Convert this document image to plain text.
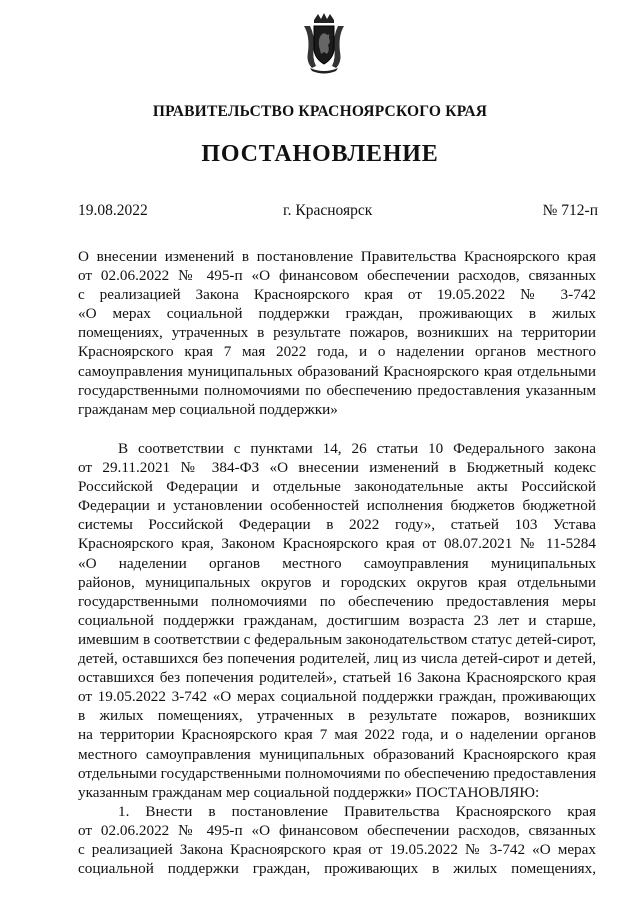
ПРАВИТЕЛЬСТВО КРАСНОЯРСКОГО КРАЯ
ПОСТАНОВЛЕНИЕ
19.08.2022	г. Красноярск	№ 712-п
О внесении изменений в постановление Правительства Красноярского края
от 02.06.2022 № 495-п «О финансовом обеспечении расходов, связанных
с реализацией Закона Красноярского края от 19.05.2022 № 3-742
«О мерах социальной поддержки граждан, проживающих в жилых
помещениях, утраченных в результате пожаров, возникших на территории
Красноярского края 7 мая 2022 года, и о наделении органов местного
самоуправления муниципальных образований Красноярского края отдельными
государственными полномочиями по обеспечению предоставления указанным
гражданам мер социальной поддержки»
В соответствии с пунктами 14, 26 статьи 10 Федерального закона
от 29.11.2021 № 384-ФЗ «О внесении изменений в Бюджетный кодекс
Российской Федерации и отдельные законодательные акты Российской
Федерации и установлении особенностей исполнения бюджетов бюджетной
системы Российской Федерации в 2022 году», статьей 103 Устава
Красноярского края, Законом Красноярского края от 08.07.2021 № 11-5284
«О наделении органов местного самоуправления муниципальных
районов, муниципальных округов и городских округов края отдельными
государственными полномочиями по обеспечению предоставления меры
социальной поддержки гражданам, достигшим возраста 23 лет и старше,
имевшим в соответствии с федеральным законодательством статус детей-сирот,
детей, оставшихся без попечения родителей, лиц из числа детей-сирот и детей,
оставшихся без попечения родителей», статьей 16 Закона Красноярского края
от 19.05.2022 3-742 «О мерах социальной поддержки граждан, проживающих
в жилых помещениях, утраченных в результате пожаров, возникших
на территории Красноярского края 7 мая 2022 года, и о наделении органов
местного самоуправления муниципальных образований Красноярского края
отдельными государственными полномочиями по обеспечению предоставления
указанным гражданам мер социальной поддержки» ПОСТАНОВЛЯЮ:
1. Внести в постановление Правительства Красноярского края
от 02.06.2022 № 495-п «О финансовом обеспечении расходов, связанных
с реализацией Закона Красноярского края от 19.05.2022 № 3-742 «О мерах
социальной поддержки граждан, проживающих в жилых помещениях,
